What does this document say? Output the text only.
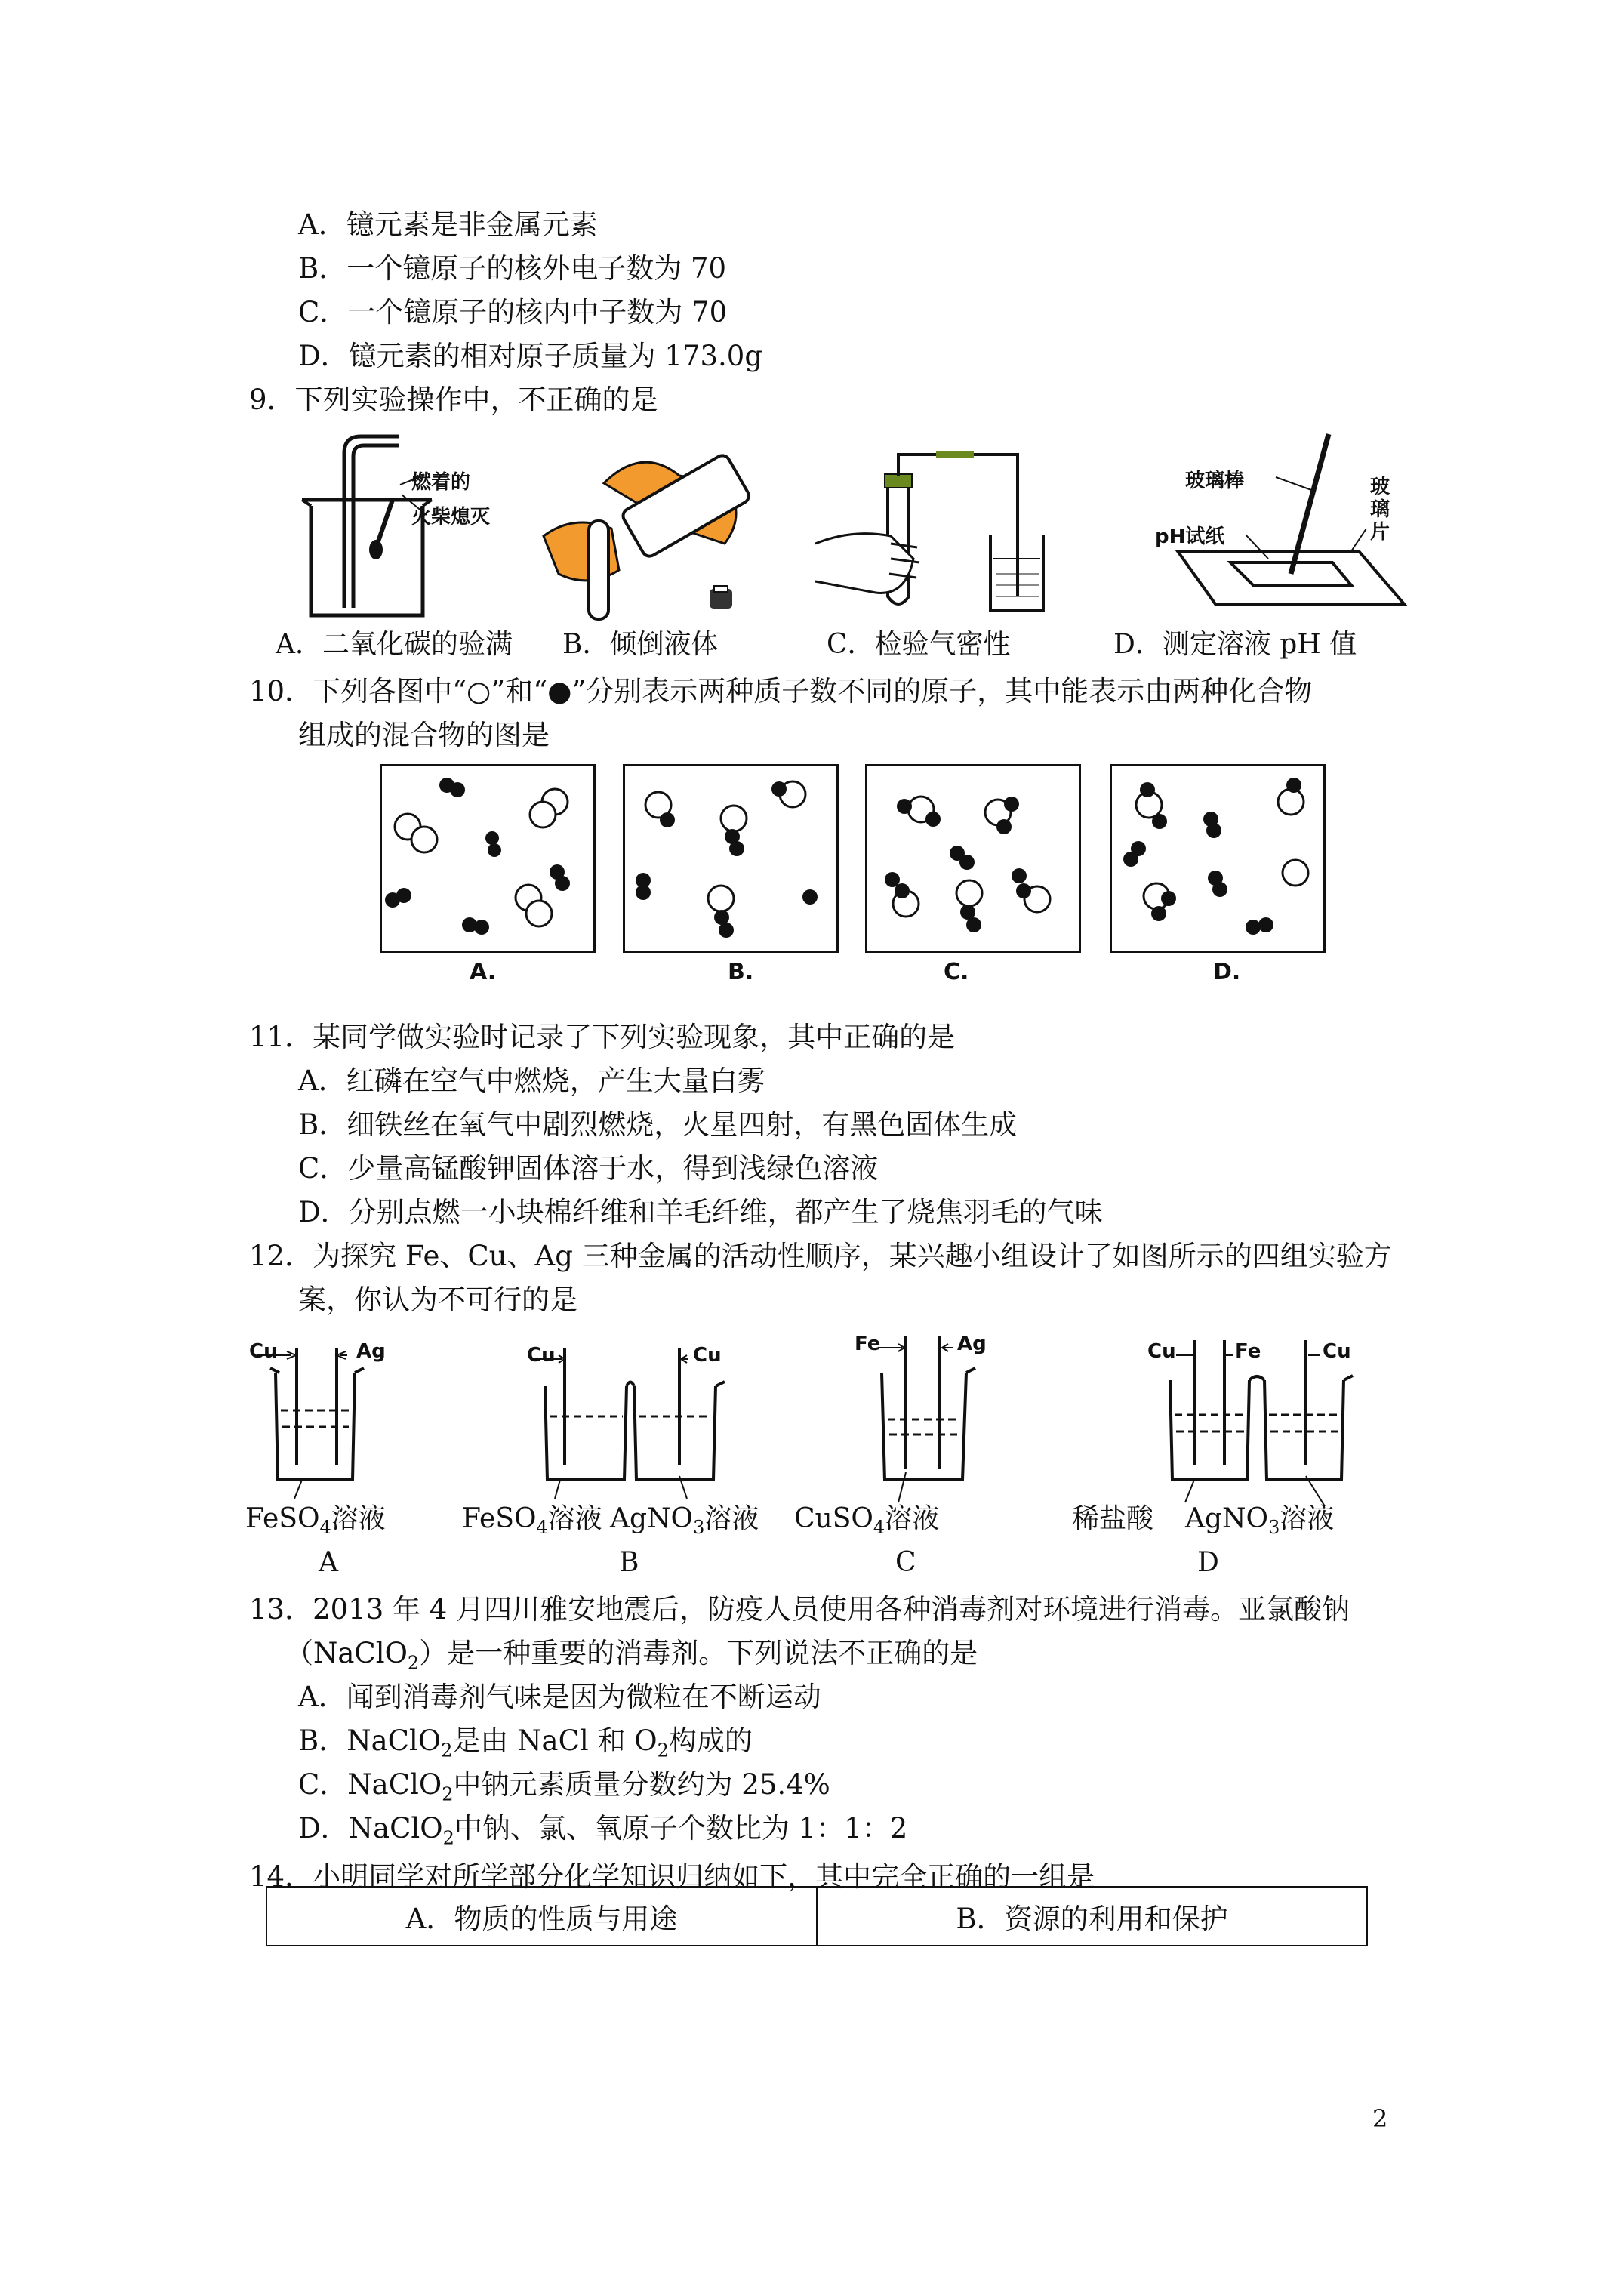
A．镱元素是非金属元素
B．一个镱原子的核外电子数为 70
C．一个镱原子的核内中子数为 70
D．镱元素的相对原子质量为 173.0g
9．下列实验操作中，不正确的是
燃着的
火柴熄灭
玻璃棒
pH试纸
玻璃片
A．二氧化碳的验满 B．倾倒液体	C．检验气密性	D．测定溶液 pH 值
10．下列各图中“○”和“●”分别表示两种质子数不同的原子，其中能表示由两种化合物
组成的混合物的图是
A.	B.	C.	D.
11．某同学做实验时记录了下列实验现象，其中正确的是
A．红磷在空气中燃烧，产生大量白雾
B．细铁丝在氧气中剧烈燃烧，火星四射，有黑色固体生成
C．少量高锰酸钾固体溶于水，得到浅绿色溶液
D．分别点燃一小块棉纤维和羊毛纤维，都产生了烧焦羽毛的气味
12．为探究 Fe、Cu、Ag 三种金属的活动性顺序，某兴趣小组设计了如图所示的四组实验方
案，你认为不可行的是
Cu	Ag	Cu	Cu	Fe	Ag	Cu	Fe	Cu
FeSO$_4$溶液	FeSO$_4$溶液 AgNO$_3$溶液 CuSO$_4$溶液	稀盐酸 AgNO$_3$溶液
A	B	C	D
13．2013 年 4 月四川雅安地震后，防疫人员使用各种消毒剂对环境进行消毒。亚氯酸钠
（NaClO$_2$）是一种重要的消毒剂。下列说法不正确的是
A．闻到消毒剂气味是因为微粒在不断运动
B．NaClO$_2$是由 NaCl 和 $O_2$构成的
C．NaClO$_2$中钠元素质量分数约为 25.4%
D．NaClO$_2$中钠、氯、氧原子个数比为 1：1：2
14．小明同学对所学部分化学知识归纳如下，其中完全正确的一组是
A．物质的性质与用途	B．资源的利用和保护
2
